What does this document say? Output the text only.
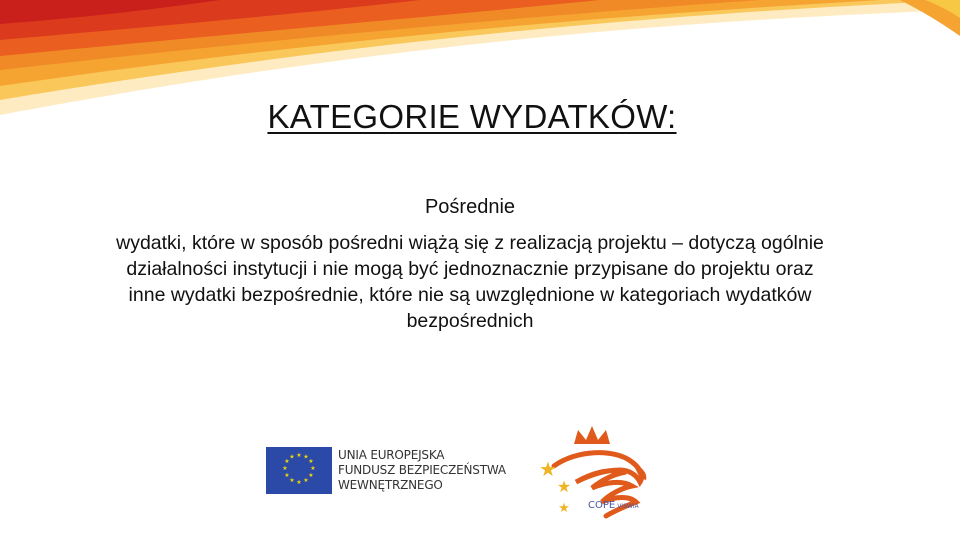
KATEGORIE WYDATKÓW:
Pośrednie
wydatki, które w sposób pośredni wiążą się z realizacją projektu – dotyczą ogólnie
działalności instytucji i nie mogą być jednoznacznie przypisane do projektu oraz
inne wydatki bezpośrednie, które nie są uwzględnione w kategoriach wydatków
bezpośrednich
★ ★
★
★
★
★
★
★
★
★
★
★	UNIA EUROPEJSKA
FUNDUSZ BEZPIECZEŃSTWA
WEWNĘTRZNEGO
★
★
★ COPE VISWIA
